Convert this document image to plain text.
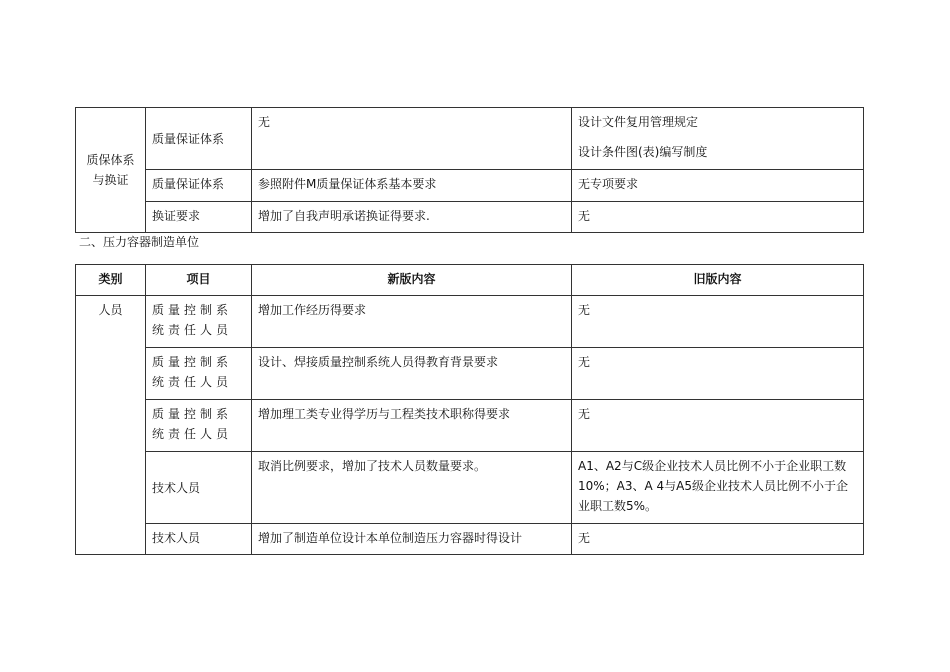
质保体系与换证	质量保证体系	无	设计文件复用管理规定

设计条件图(表)编写制度

	质量保证体系	参照附件M质量保证体系基本要求	无专项要求
	换证要求	增加了自我声明承诺换证得要求.	无
二、压力容器制造单位
类别	项目	新版内容	旧版内容
人员	质量控制系统责任人员	增加工作经历得要求	无
	质量控制系统责任人员	设计、焊接质量控制系统人员得教育背景要求	无
	质量控制系统责任人员	增加理工类专业得学历与工程类技术职称得要求	无
	技术人员	取消比例要求，增加了技术人员数量要求。	A1、A2与C级企业技术人员比例不小于企业职工数10%；A3、A 4与A5级企业技术人员比例不小于企业职工数5%。
	技术人员	增加了制造单位设计本单位制造压力容器时得设计	无
